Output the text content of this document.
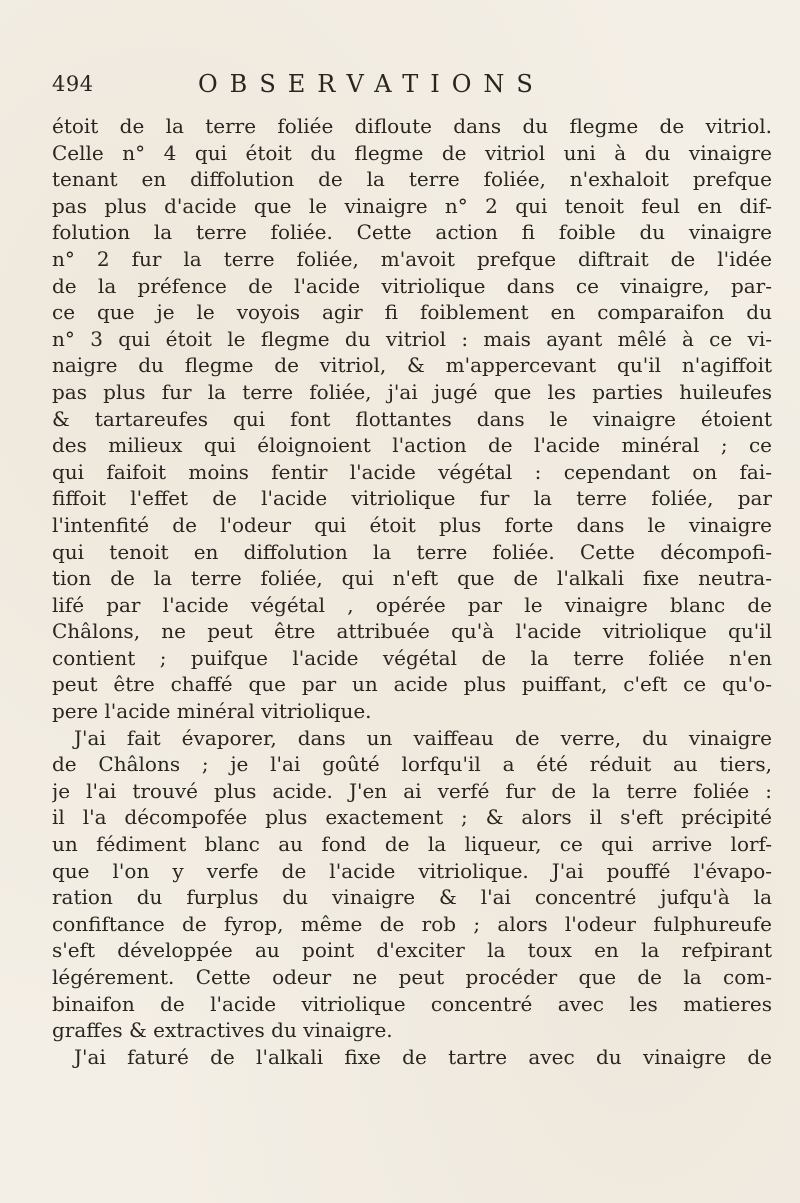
494	OBSERVATIONS
étoit de la terre foliée difloute dans du flegme de vitriol.
Celle n° 4 qui étoit du flegme de vitriol uni à du vinaigre
tenant en diffolution de la terre foliée, n'exhaloit prefque
pas plus d'acide que le vinaigre n° 2 qui tenoit feul en dif-
folution la terre foliée. Cette action fi foible du vinaigre
n° 2 fur la terre foliée, m'avoit prefque diftrait de l'idée
de la préfence de l'acide vitriolique dans ce vinaigre, par-
ce que je le voyois agir fi foiblement en comparaifon du
n° 3 qui étoit le flegme du vitriol : mais ayant mêlé à ce vi-
naigre du flegme de vitriol, & m'appercevant qu'il n'agiffoit
pas plus fur la terre foliée, j'ai jugé que les parties huileufes
& tartareufes qui font flottantes dans le vinaigre étoient
des milieux qui éloignoient l'action de l'acide minéral ; ce
qui faifoit moins fentir l'acide végétal : cependant on fai-
fiffoit l'effet de l'acide vitriolique fur la terre foliée, par
l'intenfité de l'odeur qui étoit plus forte dans le vinaigre
qui tenoit en diffolution la terre foliée. Cette décompofi-
tion de la terre foliée, qui n'eft que de l'alkali fixe neutra-
lifé par l'acide végétal , opérée par le vinaigre blanc de
Châlons, ne peut être attribuée qu'à l'acide vitriolique qu'il
contient ; puifque l'acide végétal de la terre foliée n'en
peut être chaffé que par un acide plus puiffant, c'eft ce qu'o-
pere l'acide minéral vitriolique.
J'ai fait évaporer, dans un vaiffeau de verre, du vinaigre
de Châlons ; je l'ai goûté lorfqu'il a été réduit au tiers,
je l'ai trouvé plus acide. J'en ai verfé fur de la terre foliée :
il l'a décompofée plus exactement ; & alors il s'eft précipité
un fédiment blanc au fond de la liqueur, ce qui arrive lorf-
que l'on y verfe de l'acide vitriolique. J'ai pouffé l'évapo-
ration du furplus du vinaigre & l'ai concentré jufqu'à la
confiftance de fyrop, même de rob ; alors l'odeur fulphureufe
s'eft développée au point d'exciter la toux en la refpirant
légérement. Cette odeur ne peut procéder que de la com-
binaifon de l'acide vitriolique concentré avec les matieres
graffes & extractives du vinaigre.
J'ai faturé de l'alkali fixe de tartre avec du vinaigre de
